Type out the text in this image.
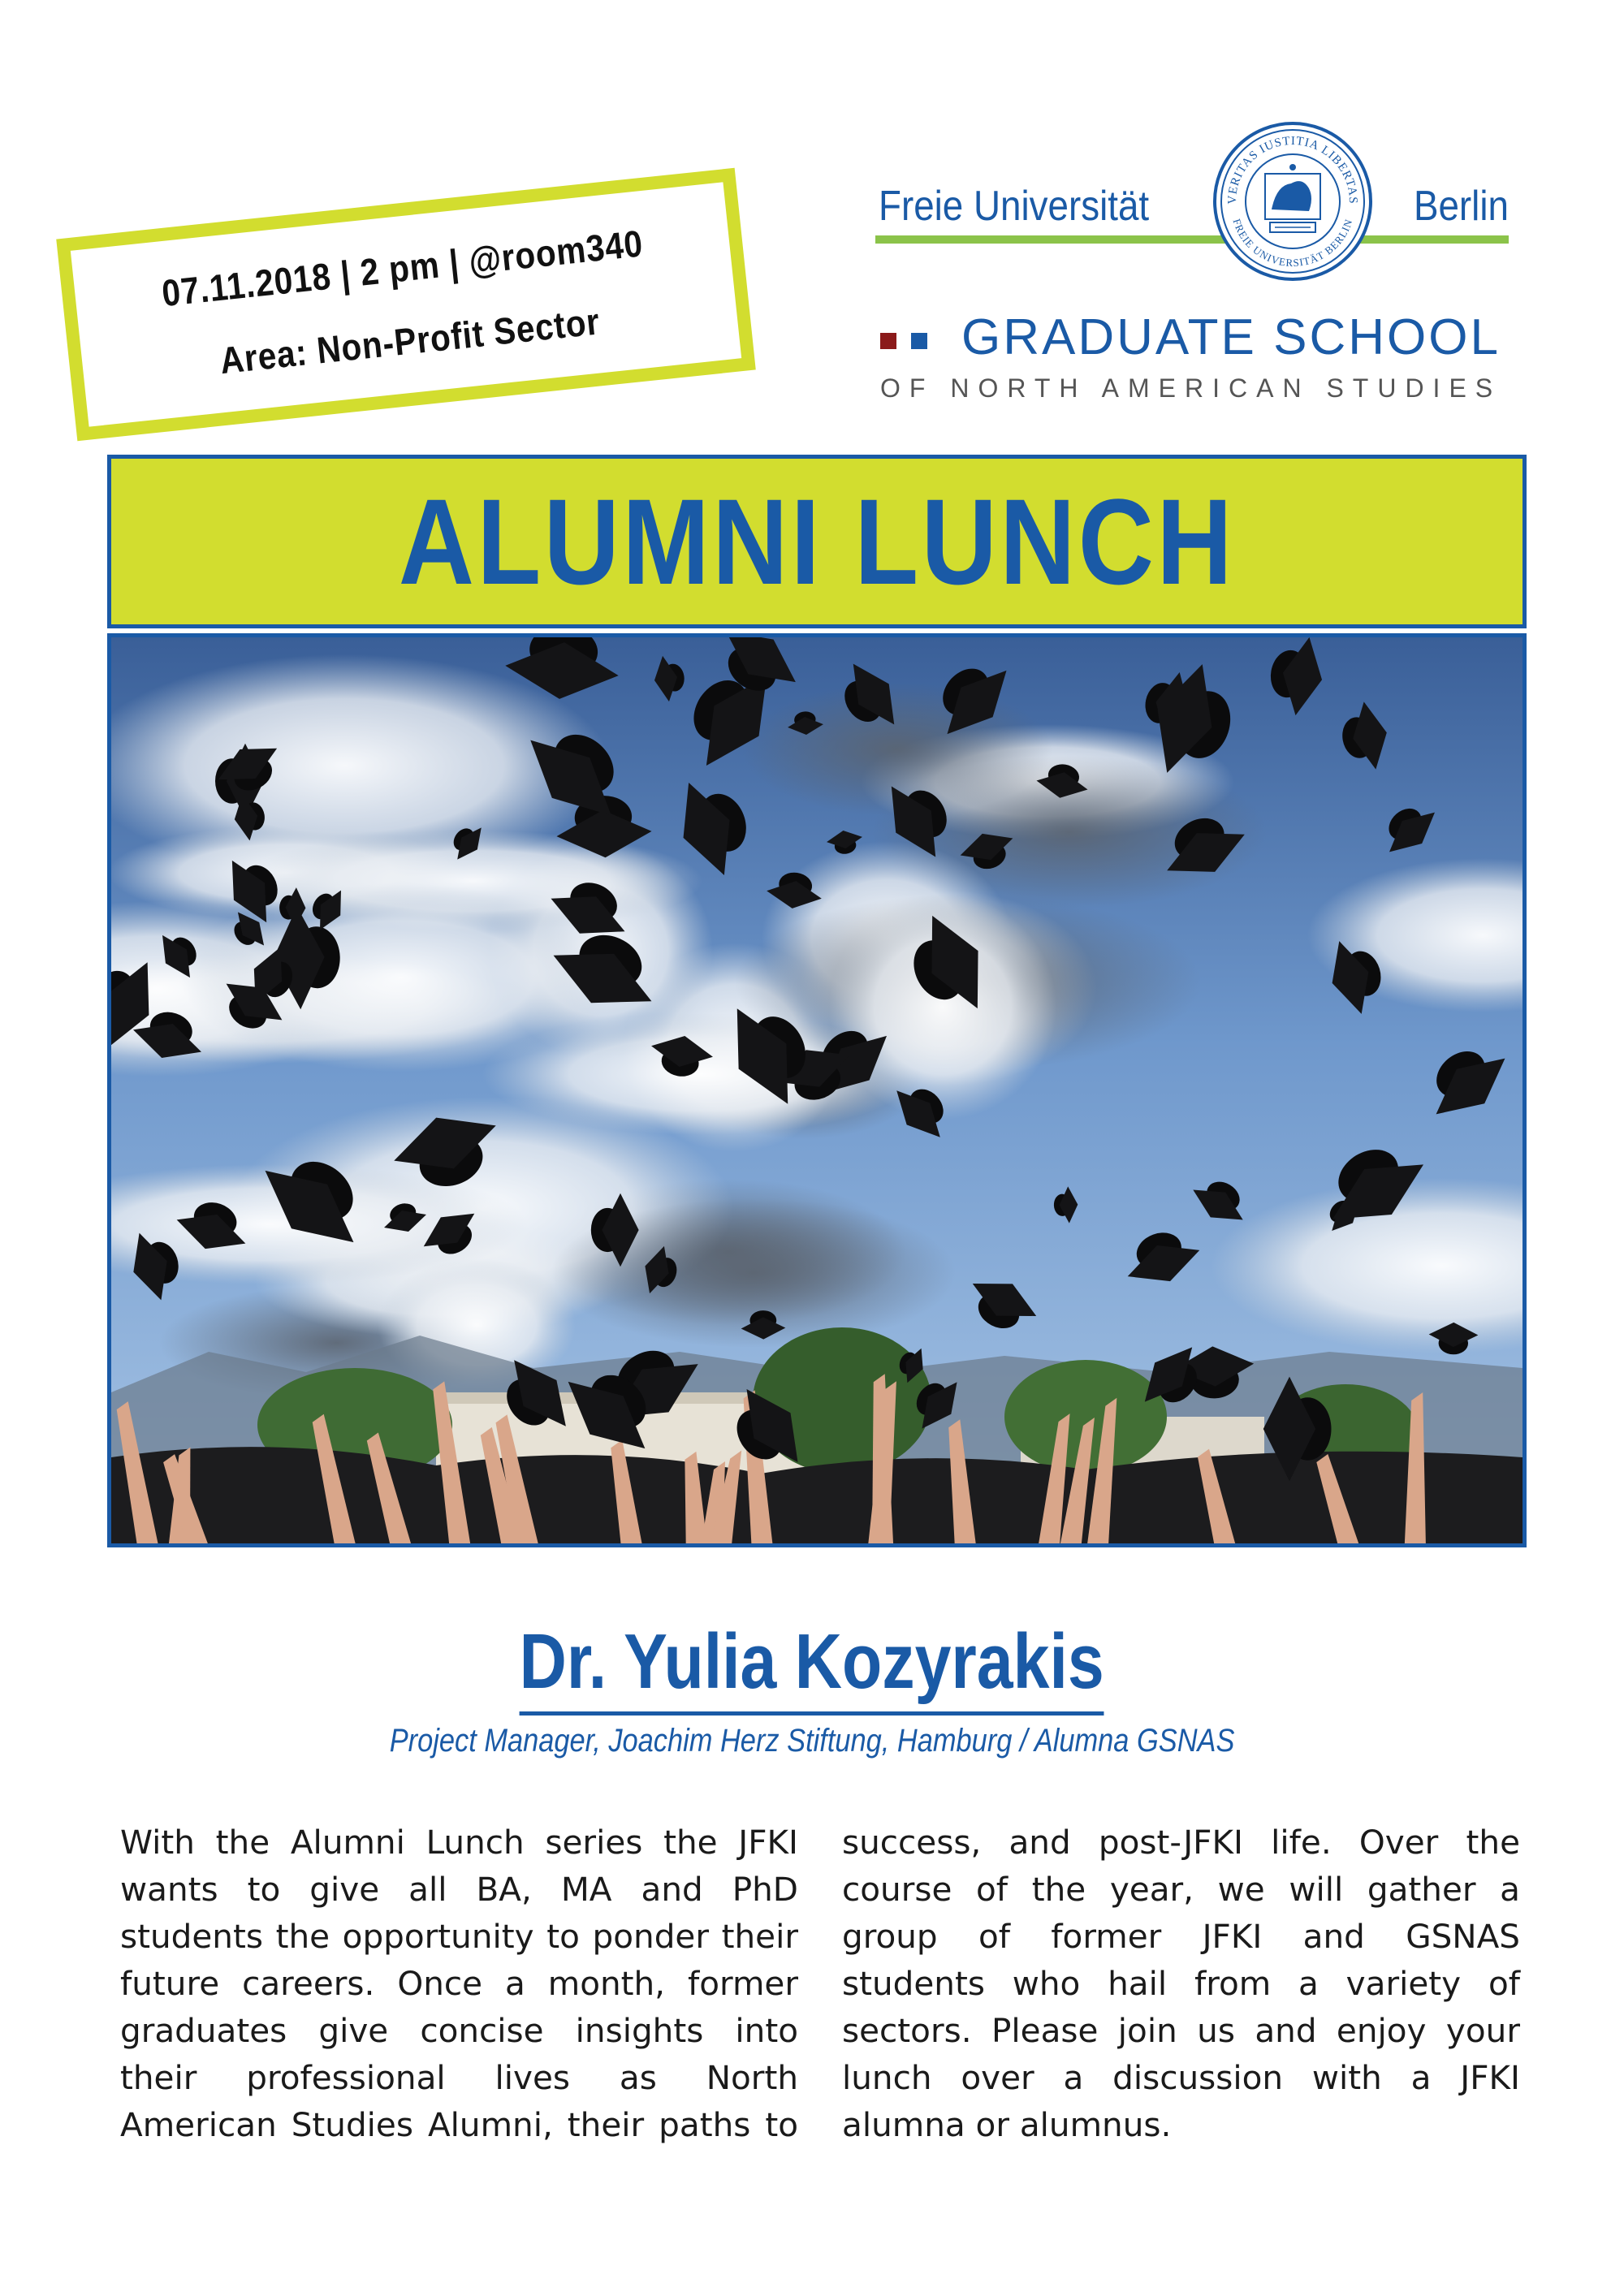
07.11.2018 | 2 pm | @room340
Area: Non-Profit Sector
Freie Universität	Berlin
VERITAS IUSTITIA LIBERTAS
FREIE UNIVERSITÄT BERLIN
GRADUATE SCHOOL
OF NORTH AMERICAN STUDIES
ALUMNI LUNCH
Dr. Yulia Kozyrakis
Project Manager, Joachim Herz Stiftung, Hamburg / Alumna GSNAS
With the Alumni Lunch series the JFKI wants to give all BA, MA and PhD students the opportunity to ponder their future careers. Once a month, former graduates give concise insights into their professional lives as North American Studies Alumni, their paths to success, and post-JFKI life. Over the course of the year, we will gather a group of former JFKI and GSNAS students who hail from a variety of sectors. Please join us and enjoy your lunch over a discussion with a JFKI alumna or alumnus.
